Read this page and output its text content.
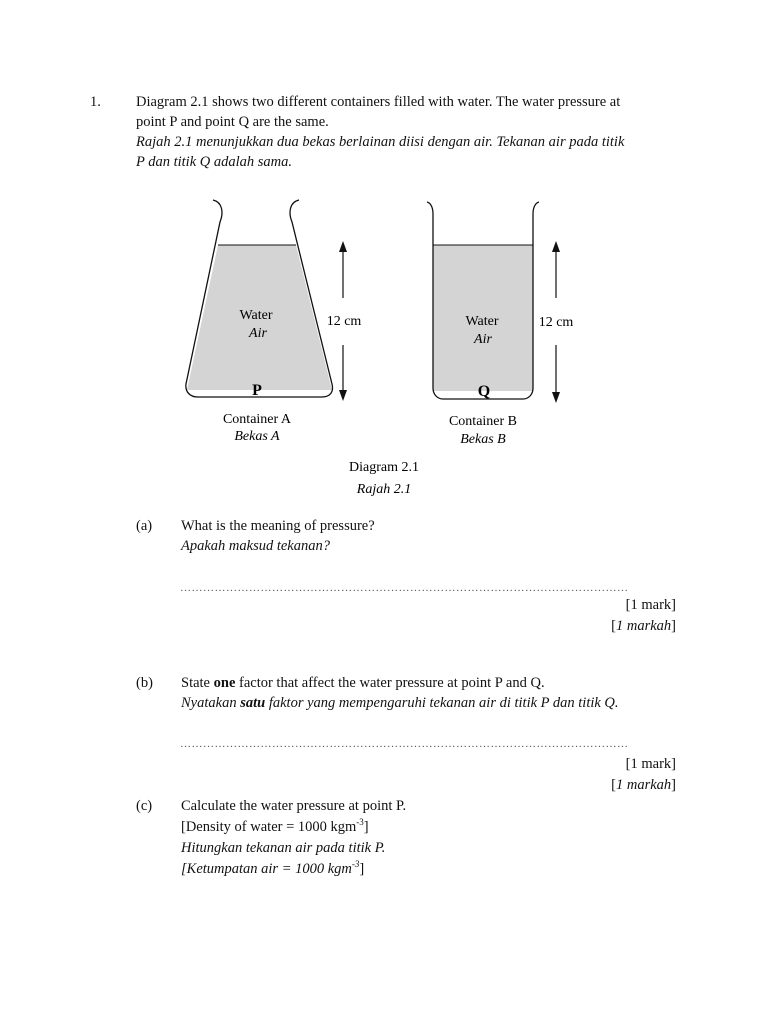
1. Diagram 2.1 shows two different containers filled with water. The water pressure at
point P and point Q are the same.
Rajah 2.1 menunjukkan dua bekas berlainan diisi dengan air. Tekanan air pada titik
P dan titik Q adalah sama.
Water
Air
P
12 cm	Water
Air
Q
12 cm
Container A
Bekas A
Container B
Bekas B
Diagram 2.1
Rajah 2.1
(a) What is the meaning of pressure?
Apakah maksud tekanan?
………………………………………………………………………………………………………
[1 mark]
[1 markah]
(b) State one factor that affect the water pressure at point P and Q.
Nyatakan satu faktor yang mempengaruhi tekanan air di titik P dan titik Q.
………………………………………………………………………………………………………
[1 mark]
[1 markah]
(c) Calculate the water pressure at point P.
[Density of water = 1000 kgm$^{-3}$]
Hitungkan tekanan air pada titik P.
[Ketumpatan air = 1000 kgm$^{-3}$]
